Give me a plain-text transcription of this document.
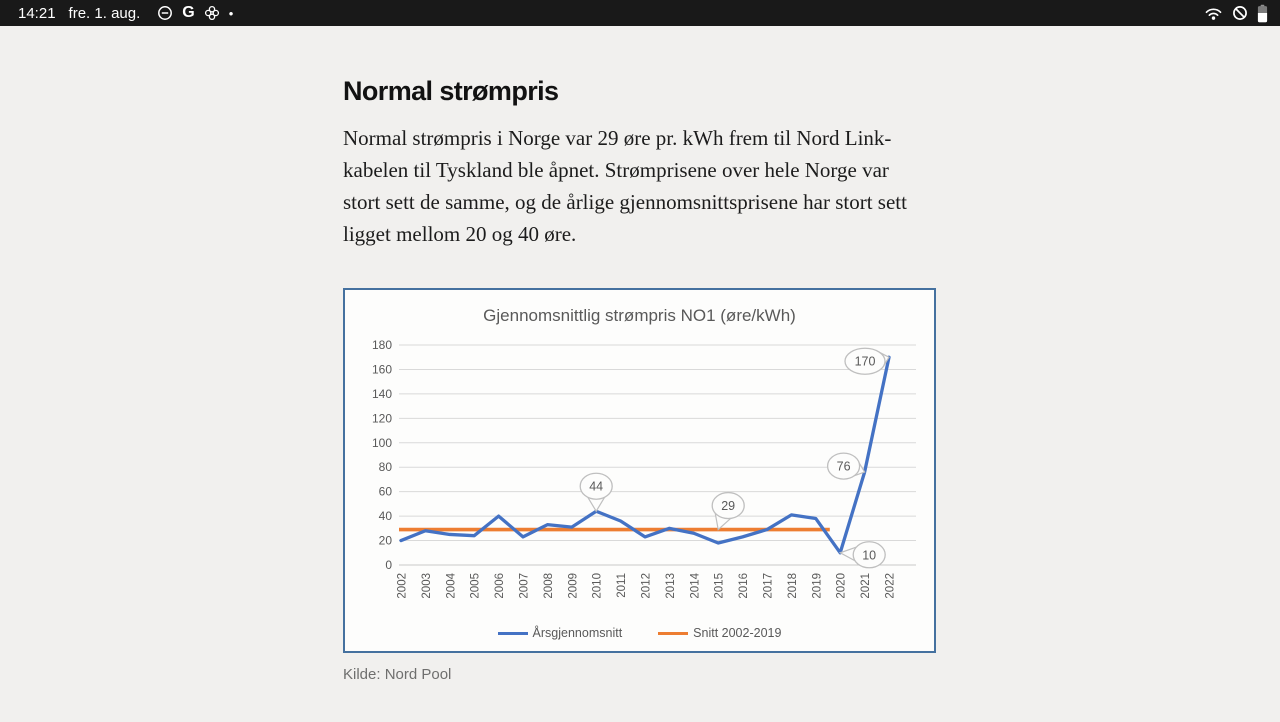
14:21 fre. 1. aug.	G	•
Normal strømpris

Normal strømpris i Norge var 29 øre pr. kWh frem til Nord Link-kabelen til Tyskland ble åpnet. Strømprisene over hele Norge var stort sett de samme, og de årlige gjennomsnittsprisene har stort sett ligget mellom 20 og 40 øre.

0
20
40
60
80
100
120
140
160
180
2002 2003 2004 2005 2006 2007 2008 2009 2010 2011 2012 2013 2014 2015 2016 2017 2018 2019 2020 2021 2022
44
29
76
170
10
Gjennomsnittlig strømpris NO1 (øre/kWh)
Årsgjennomsnitt	Snitt 2002-2019
Kilde: Nord Pool
